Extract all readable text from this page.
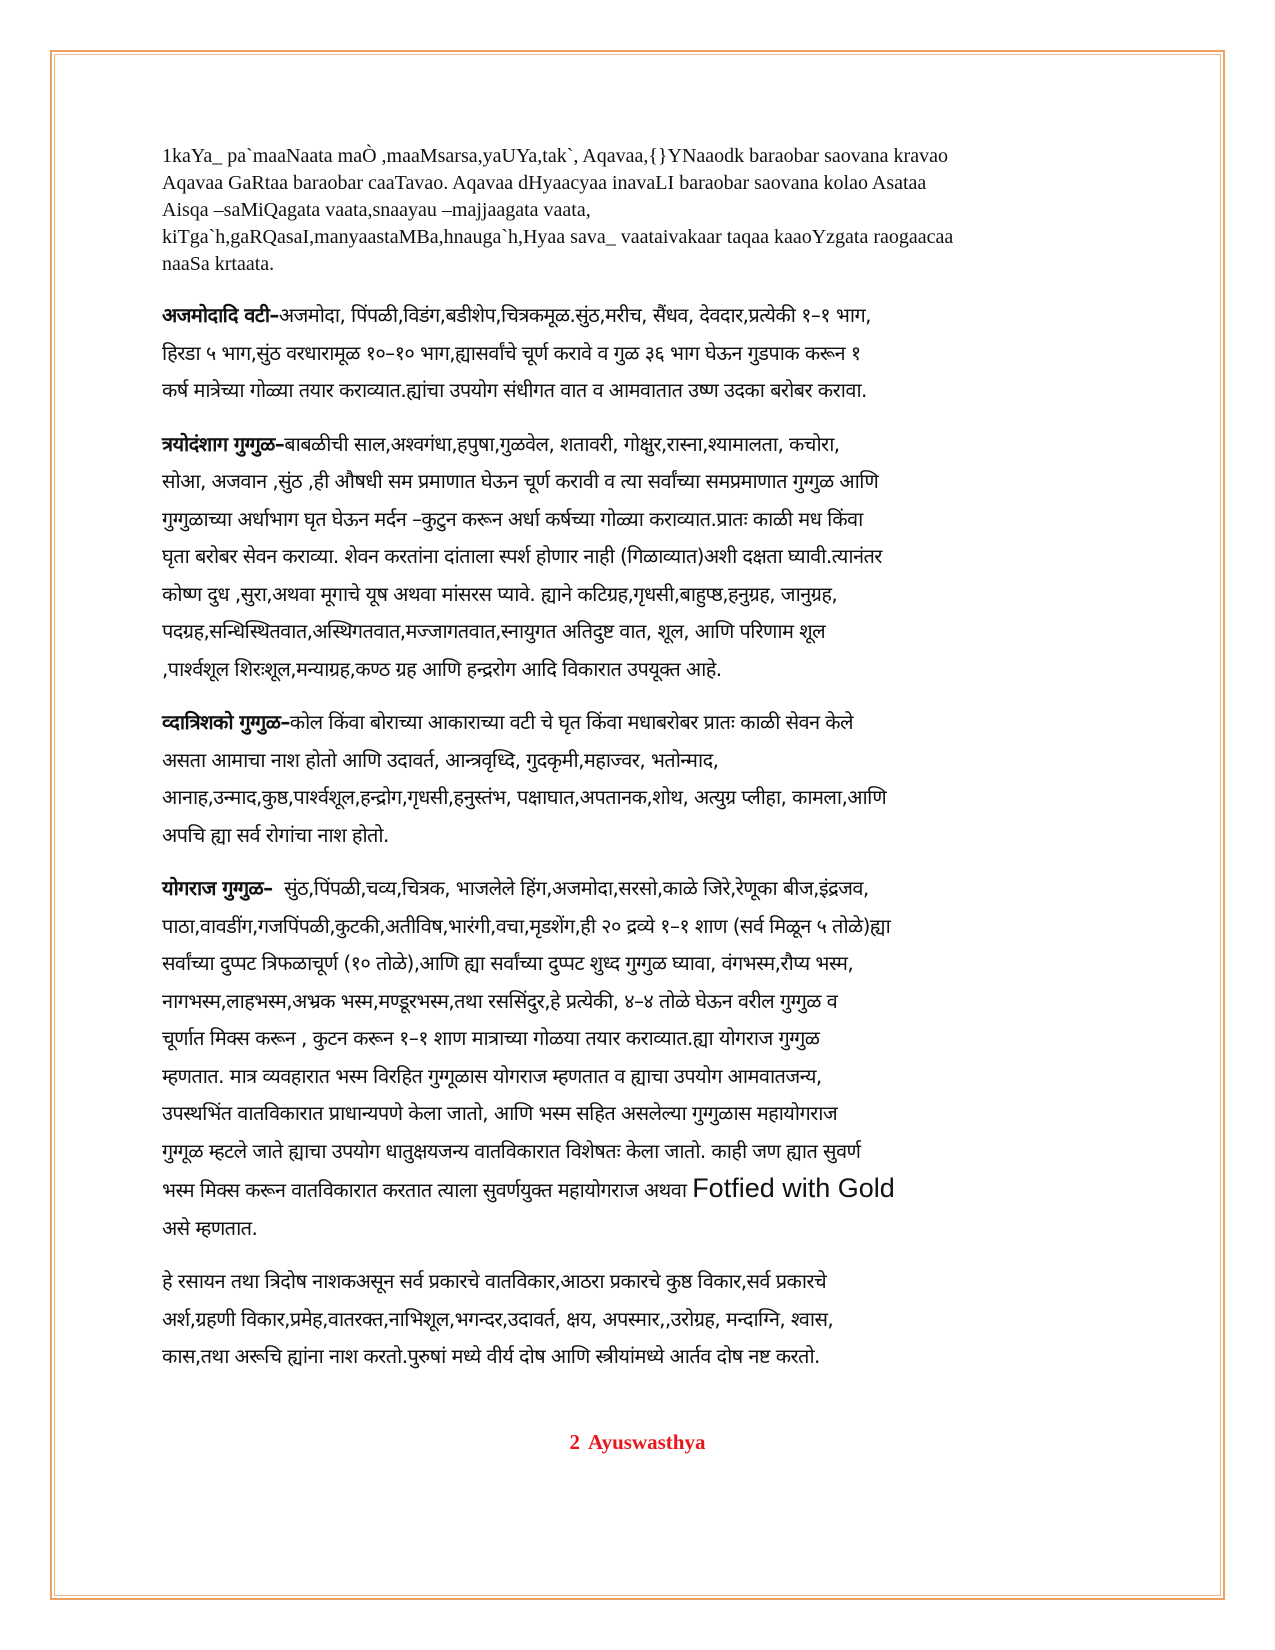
1kaYa_ pa`maaNaata maÒ ,maaMsarsa,yaUYa,tak`, Aqavaa,{}YNaaodk baraobar saovana kravao
Aqavaa GaRtaa baraobar caaTavao. Aqavaa dHyaacyaa inavaLI baraobar saovana kolao Asataa
Aisqa –saMiQagata vaata,snaayau –majjaagata vaata,
kiTga`h,gaRQasaI,manyaastaMBa,hnauga`h,Hyaa sava_ vaataivakaar taqaa kaaoYzgata raogaacaa
naaSa krtaata.
अजमोदादि वटी–अजमोदा, पिंपळी,विडंग,बडीशेप,चित्रकमूळ.सुंठ,मरीच, सैंधव, देवदार,प्रत्येकी १–१ भाग,
हिरडा ५ भाग,सुंठ वरधारामूळ १०–१० भाग,ह्यासर्वांचे चूर्ण करावे व गुळ ३६ भाग घेऊन गुडपाक करून १
कर्ष मात्रेच्या गोळ्या तयार कराव्यात.ह्यांचा उपयोग संधीगत वात व आमवातात उष्ण उदका बरोबर करावा.
त्रयोदंशाग गुग्गुळ–बाबळीची साल,अश्वगंधा,हपुषा,गुळवेल, शतावरी, गोक्षुर,रास्ना,श्यामालता, कचोरा,
सोआ, अजवान ,सुंठ ,ही औषधी सम प्रमाणात घेऊन चूर्ण करावी व त्या सर्वांच्या समप्रमाणात गुग्गुळ आणि
गुग्गुळाच्या अर्धाभाग घृत घेऊन मर्दन –कुटुन करून अर्धा कर्षच्या गोळ्या कराव्यात.प्रातः काळी मध किंवा
घृता बरोबर सेवन कराव्या. शेवन करतांना दांताला स्पर्श होणार नाही (गिळाव्यात)अशी दक्षता घ्यावी.त्यानंतर
कोष्ण दुध ,सुरा,अथवा मूगाचे यूष अथवा मांसरस प्यावे. ह्याने कटिग्रह,गृधसी,बाहुप्ष्ठ,हनुग्रह, जानुग्रह,
पदग्रह,सन्धिस्थितवात,अस्थिगतवात,मज्जागतवात,स्नायुगत अतिदुष्ट वात, शूल, आणि परिणाम शूल
,पार्श्वशूल शिरःशूल,मन्याग्रह,कण्ठ ग्रह आणि हन्द्ररोग आदि विकारात उपयूक्त आहे.
व्दात्रिशको गुग्गुळ–कोल किंवा बोराच्या आकाराच्या वटी चे घृत किंवा मधाबरोबर प्रातः काळी सेवन केले
असता आमाचा नाश होतो आणि उदावर्त, आन्त्रवृध्दि, गुदकृमी,महाज्वर, भतोन्माद,
आनाह,उन्माद,कुष्ठ,पार्श्वशूल,हन्द्रोग,गृधसी,हनुस्तंभ, पक्षाघात,अपतानक,शोथ, अत्युग्र प्लीहा, कामला,आणि
अपचि ह्या सर्व रोगांचा नाश होतो.
योगराज गुग्गुळ–  सुंठ,पिंपळी,चव्य,चित्रक, भाजलेले हिंग,अजमोदा,सरसो,काळे जिरे,रेणूका बीज,इंद्रजव,
पाठा,वावडींग,गजपिंपळी,कुटकी,अतीविष,भारंगी,वचा,मृडशेंग,ही २० द्रव्ये १–१ शाण (सर्व मिळून ५ तोळे)ह्या
सर्वांच्या दुप्पट त्रिफळाचूर्ण (१० तोळे),आणि ह्या सर्वांच्या दुप्पट शुध्द गुग्गुळ घ्यावा, वंगभस्म,रौप्य भस्म,
नागभस्म,लाहभस्म,अभ्रक भस्म,मण्डूरभस्म,तथा रससिंदुर,हे प्रत्येकी, ४–४ तोळे घेऊन वरील गुग्गुळ व
चूर्णात मिक्स करून , कुटन करून १–१ शाण मात्राच्या गोळया तयार कराव्यात.ह्या योगराज गुग्गुळ
म्हणतात. मात्र व्यवहारात भस्म विरहित गुग्गूळास योगराज म्हणतात व ह्याचा उपयोग आमवातजन्य,
उपस्थभिंत वातविकारात प्राधान्यपणे केला जातो, आणि भस्म सहित असलेल्या गुग्गुळास महायोगराज
गुग्गूळ म्हटले जाते ह्याचा उपयोग धातुक्षयजन्य वातविकारात विशेषतः केला जातो. काही जण ह्यात सुवर्ण
भस्म मिक्स करून वातविकारात करतात त्याला सुवर्णयुक्त महायोगराज अथवा Fotfied with Gold
असे म्हणतात.
हे रसायन तथा त्रिदोष नाशकअसून सर्व प्रकारचे वातविकार,आठरा प्रकारचे कुष्ठ विकार,सर्व प्रकारचे
अर्श,ग्रहणी विकार,प्रमेह,वातरक्त,नाभिशूल,भगन्दर,उदावर्त, क्षय, अपस्मार,,उरोग्रह, मन्दाग्नि, श्वास,
कास,तथा अरूचि ह्यांना नाश करतो.पुरुषां मध्ये वीर्य दोष आणि स्त्रीयांमध्ये आर्तव दोष नष्ट करतो.
2 Ayuswasthya
